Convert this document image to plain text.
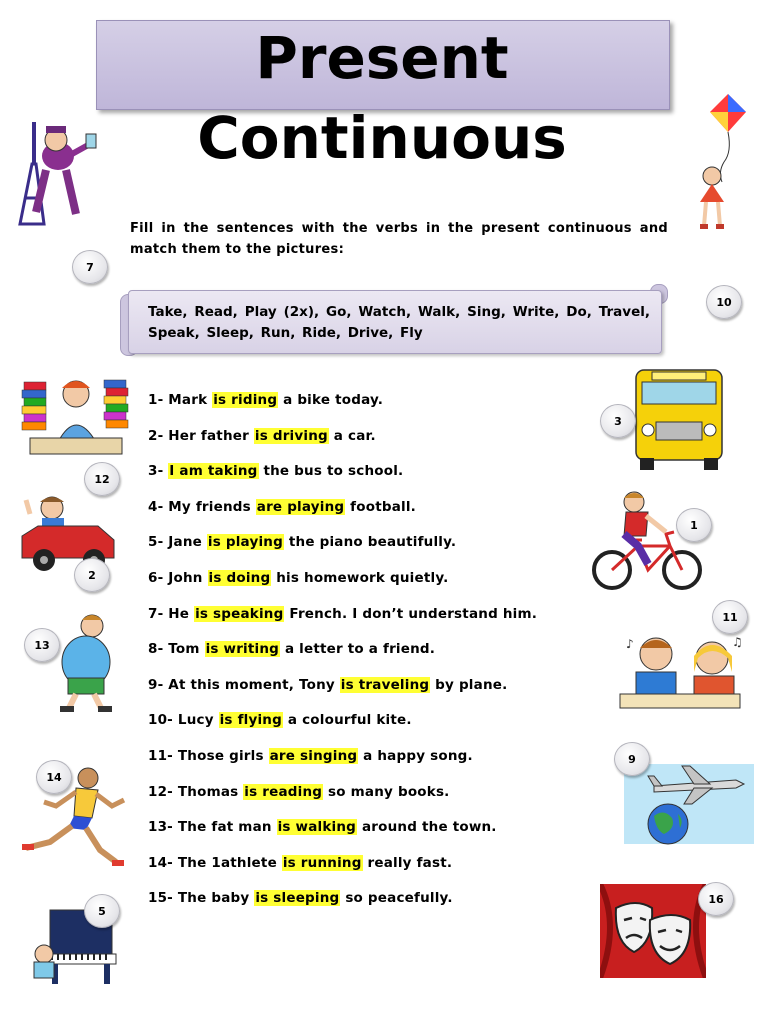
Present Continuous

Fill in the sentences with the verbs in the present continuous and match them to the pictures:

Take, Read, Play (2x), Go, Watch, Walk, Sing, Write, Do, Travel, Speak, Sleep, Run, Ride, Drive, Fly

1- Mark is riding a bike today.
2- Her father is driving a car.
3- I am taking the bus to school.
4- My friends are playing football.
5- Jane is playing the piano beautifully.
6- John is doing his homework quietly.
7- He is speaking French. I don’t understand him.
8- Tom is writing a letter to a friend.
9- At this moment, Tony is traveling by plane.
10- Lucy is flying a colourful kite.
11- Those girls are singing a happy song.
12- Thomas is reading so many books.
13- The fat man is walking around the town.
14- The 1athlete is running really fast.
15- The baby is sleeping so peacefully.
♪	♫
7
10
3
12
1
2
13
11
9
14
5
16
